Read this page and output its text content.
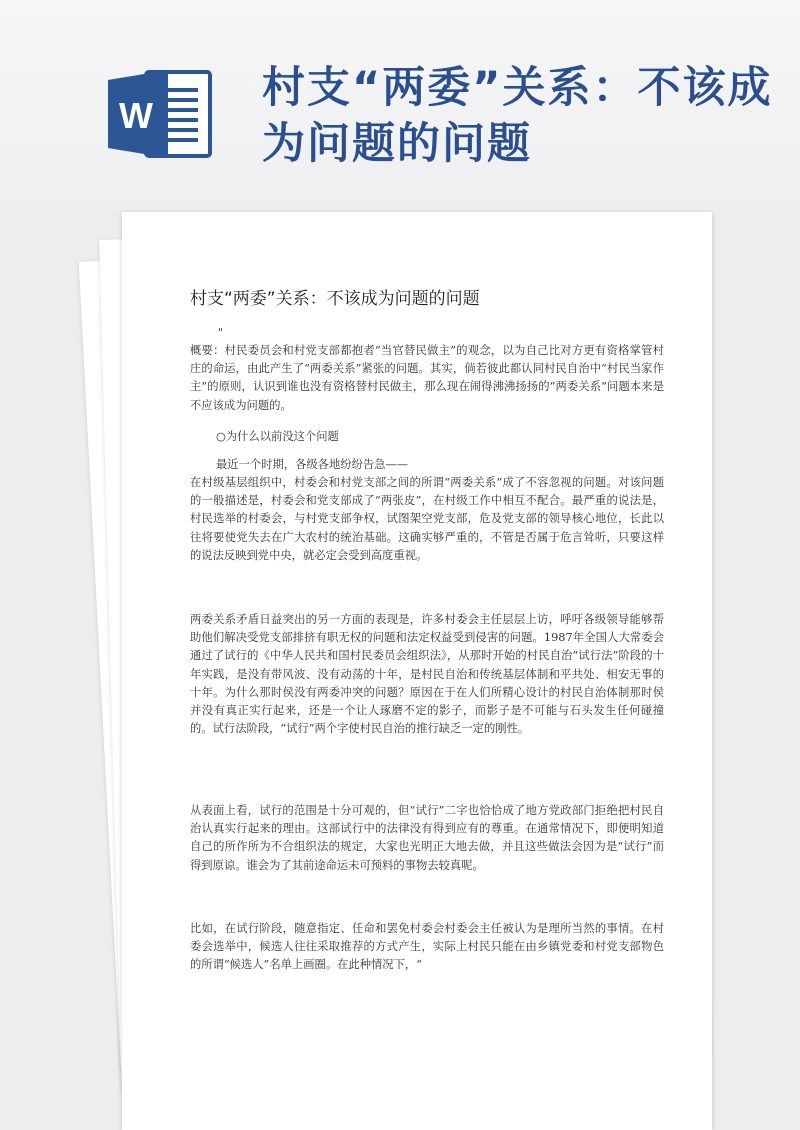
W
村支“两委”关系：不该成为问题的问题
村支“两委”关系：不该成为问题的问题
"
概要：村民委员会和村党支部都抱者“当官替民做主”的观念，以为自己比对方更有资格掌管村庄的命运，由此产生了“两委关系”紧张的问题。其实，倘若彼此都认同村民自治中“村民当家作主”的原则，认识到谁也没有资格替村民做主，那么现在闹得沸沸扬扬的“两委关系”问题本来是不应该成为问题的。
○为什么以前没这个问题
最近一个时期，各级各地纷纷告急——
在村级基层组织中，村委会和村党支部之间的所谓“两委关系”成了不容忽视的问题。对该问题的一般描述是，村委会和党支部成了“两张皮”，在村级工作中相互不配合。最严重的说法是，村民选举的村委会，与村党支部争权，试图架空党支部，危及党支部的领导核心地位，长此以往将要使党失去在广大农村的统治基础。这确实够严重的，不管是否属于危言耸听，只要这样的说法反映到党中央，就必定会受到高度重视。
两委关系矛盾日益突出的另一方面的表现是，许多村委会主任层层上访，呼吁各级领导能够帮助他们解决受党支部排挤有职无权的问题和法定权益受到侵害的问题。1987年全国人大常委会通过了试行的《中华人民共和国村民委员会组织法》，从那时开始的村民自治“试行法”阶段的十年实践，是没有带风波、没有动荡的十年，是村民自治和传统基层体制和平共处、相安无事的十年。为什么那时侯没有两委冲突的问题？原因在于在人们所精心设计的村民自治体制那时侯并没有真正实行起来，还是一个让人琢磨不定的影子，而影子是不可能与石头发生任何碰撞的。试行法阶段，“试行”两个字使村民自治的推行缺乏一定的刚性。
从表面上看，试行的范围是十分可观的，但“试行”二字也恰恰成了地方党政部门拒绝把村民自治认真实行起来的理由。这部试行中的法律没有得到应有的尊重。在通常情况下，即便明知道自己的所作所为不合组织法的规定，大家也光明正大地去做，并且这些做法会因为是“试行”而得到原谅。谁会为了其前途命运未可预料的事物去较真呢。
比如，在试行阶段，随意指定、任命和罢免村委会村委会主任被认为是理所当然的事情。在村委会选举中，候选人往往采取推荐的方式产生，实际上村民只能在由乡镇党委和村党支部物色的所谓“候选人”名单上画圈。在此种情况下，“
